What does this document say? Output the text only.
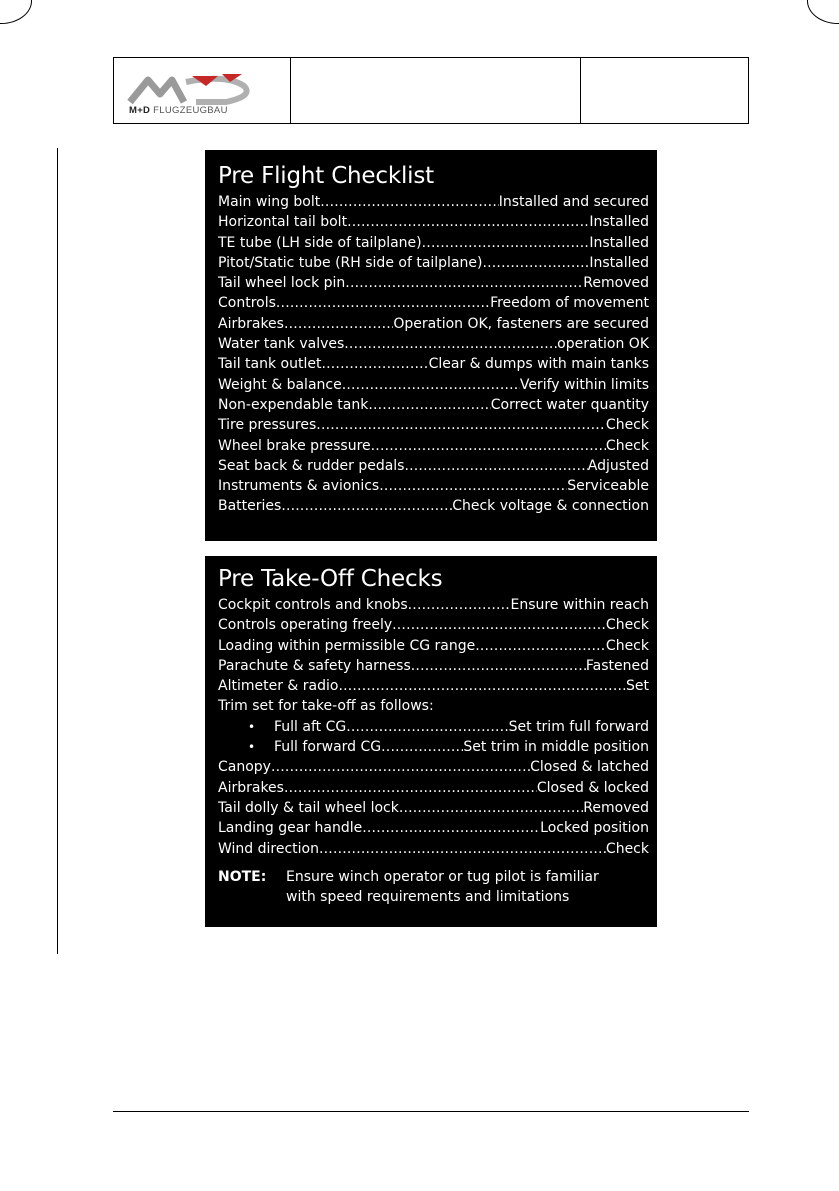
M+D FLUGZEUGBAU
Pre Flight Checklist
Main wing bolt .....	Installed and secured
Horizontal tail bolt .....	Installed
TE tube (LH side of tailplane) .....	Installed
Pitot/Static tube (RH side of tailplane) .....	Installed
Tail wheel lock pin .....	Removed
Controls .....	Freedom of movement
Airbrakes .....	Operation OK, fasteners are secured
Water tank valves .....	operation OK
Tail tank outlet .....	Clear & dumps with main tanks
Weight & balance .....	Verify within limits
Non-expendable tank .....	Correct water quantity
Tire pressures .....	Check
Wheel brake pressure .....	Check
Seat back & rudder pedals .....	Adjusted
Instruments & avionics .....	Serviceable
Batteries .....	Check voltage & connection
Pre Take-Off Checks
Cockpit controls and knobs .....	Ensure within reach
Controls operating freely .....	Check
Loading within permissible CG range .....	Check
Parachute & safety harness .....	Fastened
Altimeter & radio .....	Set
Trim set for take-off as follows:
•	Full aft CG .....	Set trim full forward
•	Full forward CG .....	Set trim in middle position
Canopy .....	Closed & latched
Airbrakes .....	Closed & locked
Tail dolly & tail wheel lock .....	Removed
Landing gear handle .....	Locked position
Wind direction .....	Check
NOTE:	Ensure winch operator or tug pilot is familiar
with speed requirements and limitations
